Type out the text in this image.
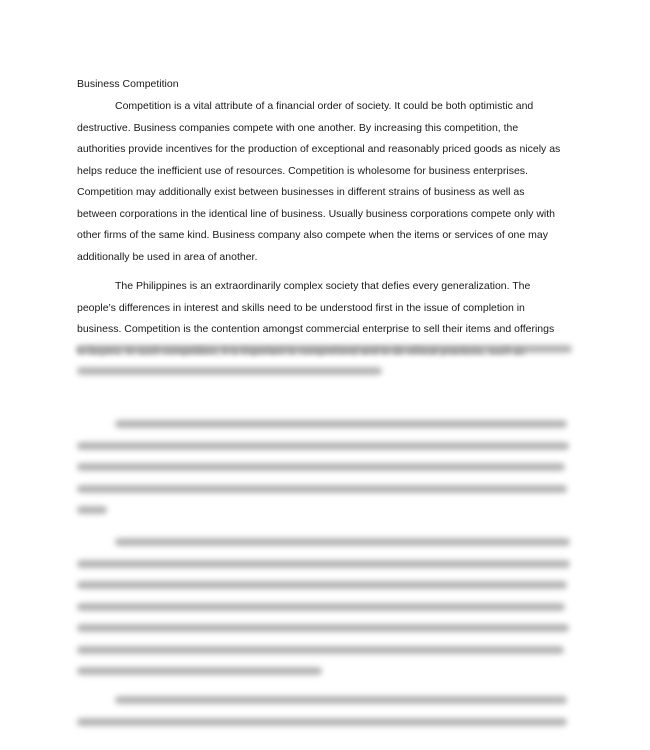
Business Competition
Competition is a vital attribute of a financial order of society. It could be both optimistic and
destructive. Business companies compete with one another. By increasing this competition, the
authorities provide incentives for the production of exceptional and reasonably priced goods as nicely as
helps reduce the inefficient use of resources. Competition is wholesome for business enterprises.
Competition may additionally exist between businesses in different strains of business as well as
between corporations in the identical line of business. Usually business corporations compete only with
other firms of the same kind. Business company also compete when the items or services of one may
additionally be used in area of another.
The Philippines is an extraordinarily complex society that defies every generalization. The
people’s differences in interest and skills need to be understood first in the issue of completion in
business. Competition is the contention amongst commercial enterprise to sell their items and offerings
